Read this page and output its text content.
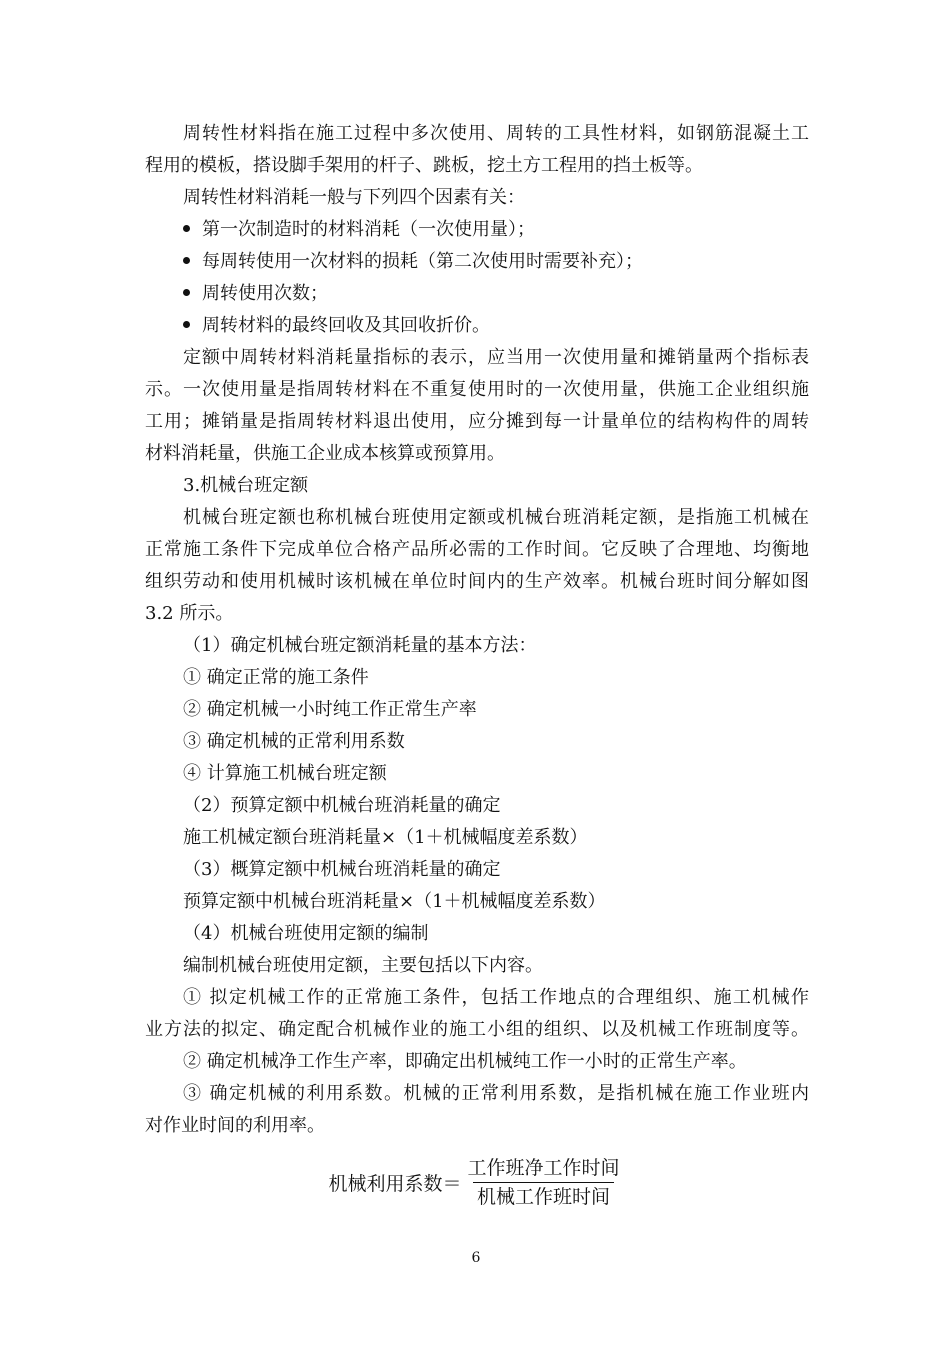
周转性材料指在施工过程中多次使用、周转的工具性材料，如钢筋混凝土工
程用的模板，搭设脚手架用的杆子、跳板，挖土方工程用的挡土板等。
周转性材料消耗一般与下列四个因素有关：
第一次制造时的材料消耗（一次使用量）；
每周转使用一次材料的损耗（第二次使用时需要补充）；
周转使用次数；
周转材料的最终回收及其回收折价。
定额中周转材料消耗量指标的表示，应当用一次使用量和摊销量两个指标表
示。一次使用量是指周转材料在不重复使用时的一次使用量，供施工企业组织施
工用；摊销量是指周转材料退出使用，应分摊到每一计量单位的结构构件的周转
材料消耗量，供施工企业成本核算或预算用。
3.机械台班定额
机械台班定额也称机械台班使用定额或机械台班消耗定额，是指施工机械在
正常施工条件下完成单位合格产品所必需的工作时间。它反映了合理地、均衡地
组织劳动和使用机械时该机械在单位时间内的生产效率。机械台班时间分解如图
3.2 所示。
（1）确定机械台班定额消耗量的基本方法：
① 确定正常的施工条件
② 确定机械一小时纯工作正常生产率
③ 确定机械的正常利用系数
④ 计算施工机械台班定额
（2）预算定额中机械台班消耗量的确定
施工机械定额台班消耗量×（1＋机械幅度差系数）
（3）概算定额中机械台班消耗量的确定
预算定额中机械台班消耗量×（1＋机械幅度差系数）
（4）机械台班使用定额的编制
编制机械台班使用定额，主要包括以下内容。
① 拟定机械工作的正常施工条件，包括工作地点的合理组织、施工机械作
业方法的拟定、确定配合机械作业的施工小组的组织、以及机械工作班制度等。
② 确定机械净工作生产率，即确定出机械纯工作一小时的正常生产率。
③ 确定机械的利用系数。机械的正常利用系数，是指机械在施工作业班内
对作业时间的利用率。
机械利用系数＝ $\frac{\text{工作班净工作时间}}{\text{机械工作班时间}}$
6
